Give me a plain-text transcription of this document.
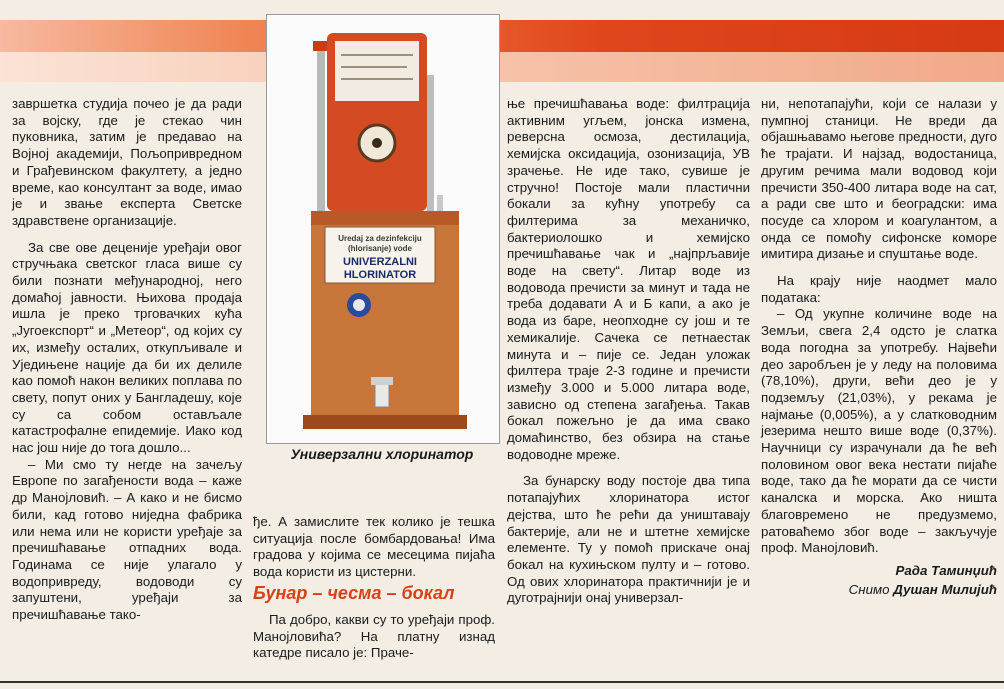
завршетка студија почео је да ради за војску, где је стекао чин пуковника, затим је предавао на Војној академији, Пољопривредном и Грађевинском факултету, а једно време, као консултант за воде, имао је и звање експерта Светске здравствене организације.

За све ове деценије уређаји овог стручњака светског гласа више су били познати међународној, него домаћој јавности. Њихова продаја ишла је преко трговачких кућа „Југоекспорт“ и „Метеор“, од којих су их, између осталих, откупљивале и Уједињене нације да би их делиле као помоћ након великих поплава по свету, попут оних у Бангладешу, које су са собом остављале катастрофалне епидемије. Иако код нас још није до тога дошло...

– Ми смо ту негде на зачељу Европе по загађености вода – каже др Манојловић. – А како и не бисмо били, кад готово ниједна фабрика или нема или не користи уређаје за пречишћавање отпадних вода. Годинама се није улагало у водопривреду, водоводи су запуштени, уређаји за пречишћавање тако-

Uredaj za dezinfekciju
(hlorisanje) vode
UNIVERZALNI
HLORINATOR
Универзални хлоринатор

ђе. А замислите тек колико је тешка ситуација после бомбардовања! Има градова у којима се месецима пијаћа вода користи из цистерни.

Бунар – чесма – бокал

Па добро, какви су то уређаји проф. Манојловића? На платну изнад катедре писало је: Праче-

ње пречишћавања воде: филтрација активним угљем, јонска измена, реверсна осмоза, дестилација, хемијска оксидација, озонизација, УВ зрачење. Не иде тако, сувише је стручно! Постоје мали пластични бокали за кућну употребу са филтерима за механичко, бактериолошко и хемијско пречишћавање чак и „најпрљавије воде на свету“. Литар воде из водовода пречисти за минут и тада не треба додавати А и Б капи, а ако је вода из баре, неопходне су још и те хемикалије. Сачека се петнаестак минута и – пије се. Један уложак филтера траје 2-3 године и пречисти између 3.000 и 5.000 литара воде, зависно од степена загађења. Такав бокал пожељно је да има свако домаћинство, без обзира на стање водоводне мреже.

За бунарску воду постоје два типа потапајућих хлоринатора истог дејства, што ће рећи да уништавају бактерије, али не и штетне хемијске елементе. Ту у помоћ прискаче онај бокал на кухињском пулту и – готово. Од ових хлоринатора практичнији је и дуготрајнији онај универзал-

ни, непотапајући, који се налази у пумпној станици. Не вреди да објашњавамо његове предности, дуго ће трајати. И најзад, водостаница, другим речима мали водовод који пречисти 350-400 литара воде на сат, а ради све што и београдски: има посуде са хлором и коагулантом, а онда се помоћу сифонске коморе имитира дизање и спуштање воде.

На крају није наодмет мало података:

– Од укупне количине воде на Земљи, свега 2,4 одсто је слатка вода погодна за употребу. Највећи део заробљен је у леду на половима (78,10%), други, већи део је у подземљу (21,03%), у рекама је најмање (0,005%), а у слатководним језерима нешто више воде (0,37%). Научници су израчунали да ће већ половином овог века нестати пијаће воде, тако да ће морати да се чисти каналска и морска. Ако ништа благовремено не предузмемо, ратоваћемо због воде – закључује проф. Манојловић.

Рада Таминџић
Снимо Душан Милијић
